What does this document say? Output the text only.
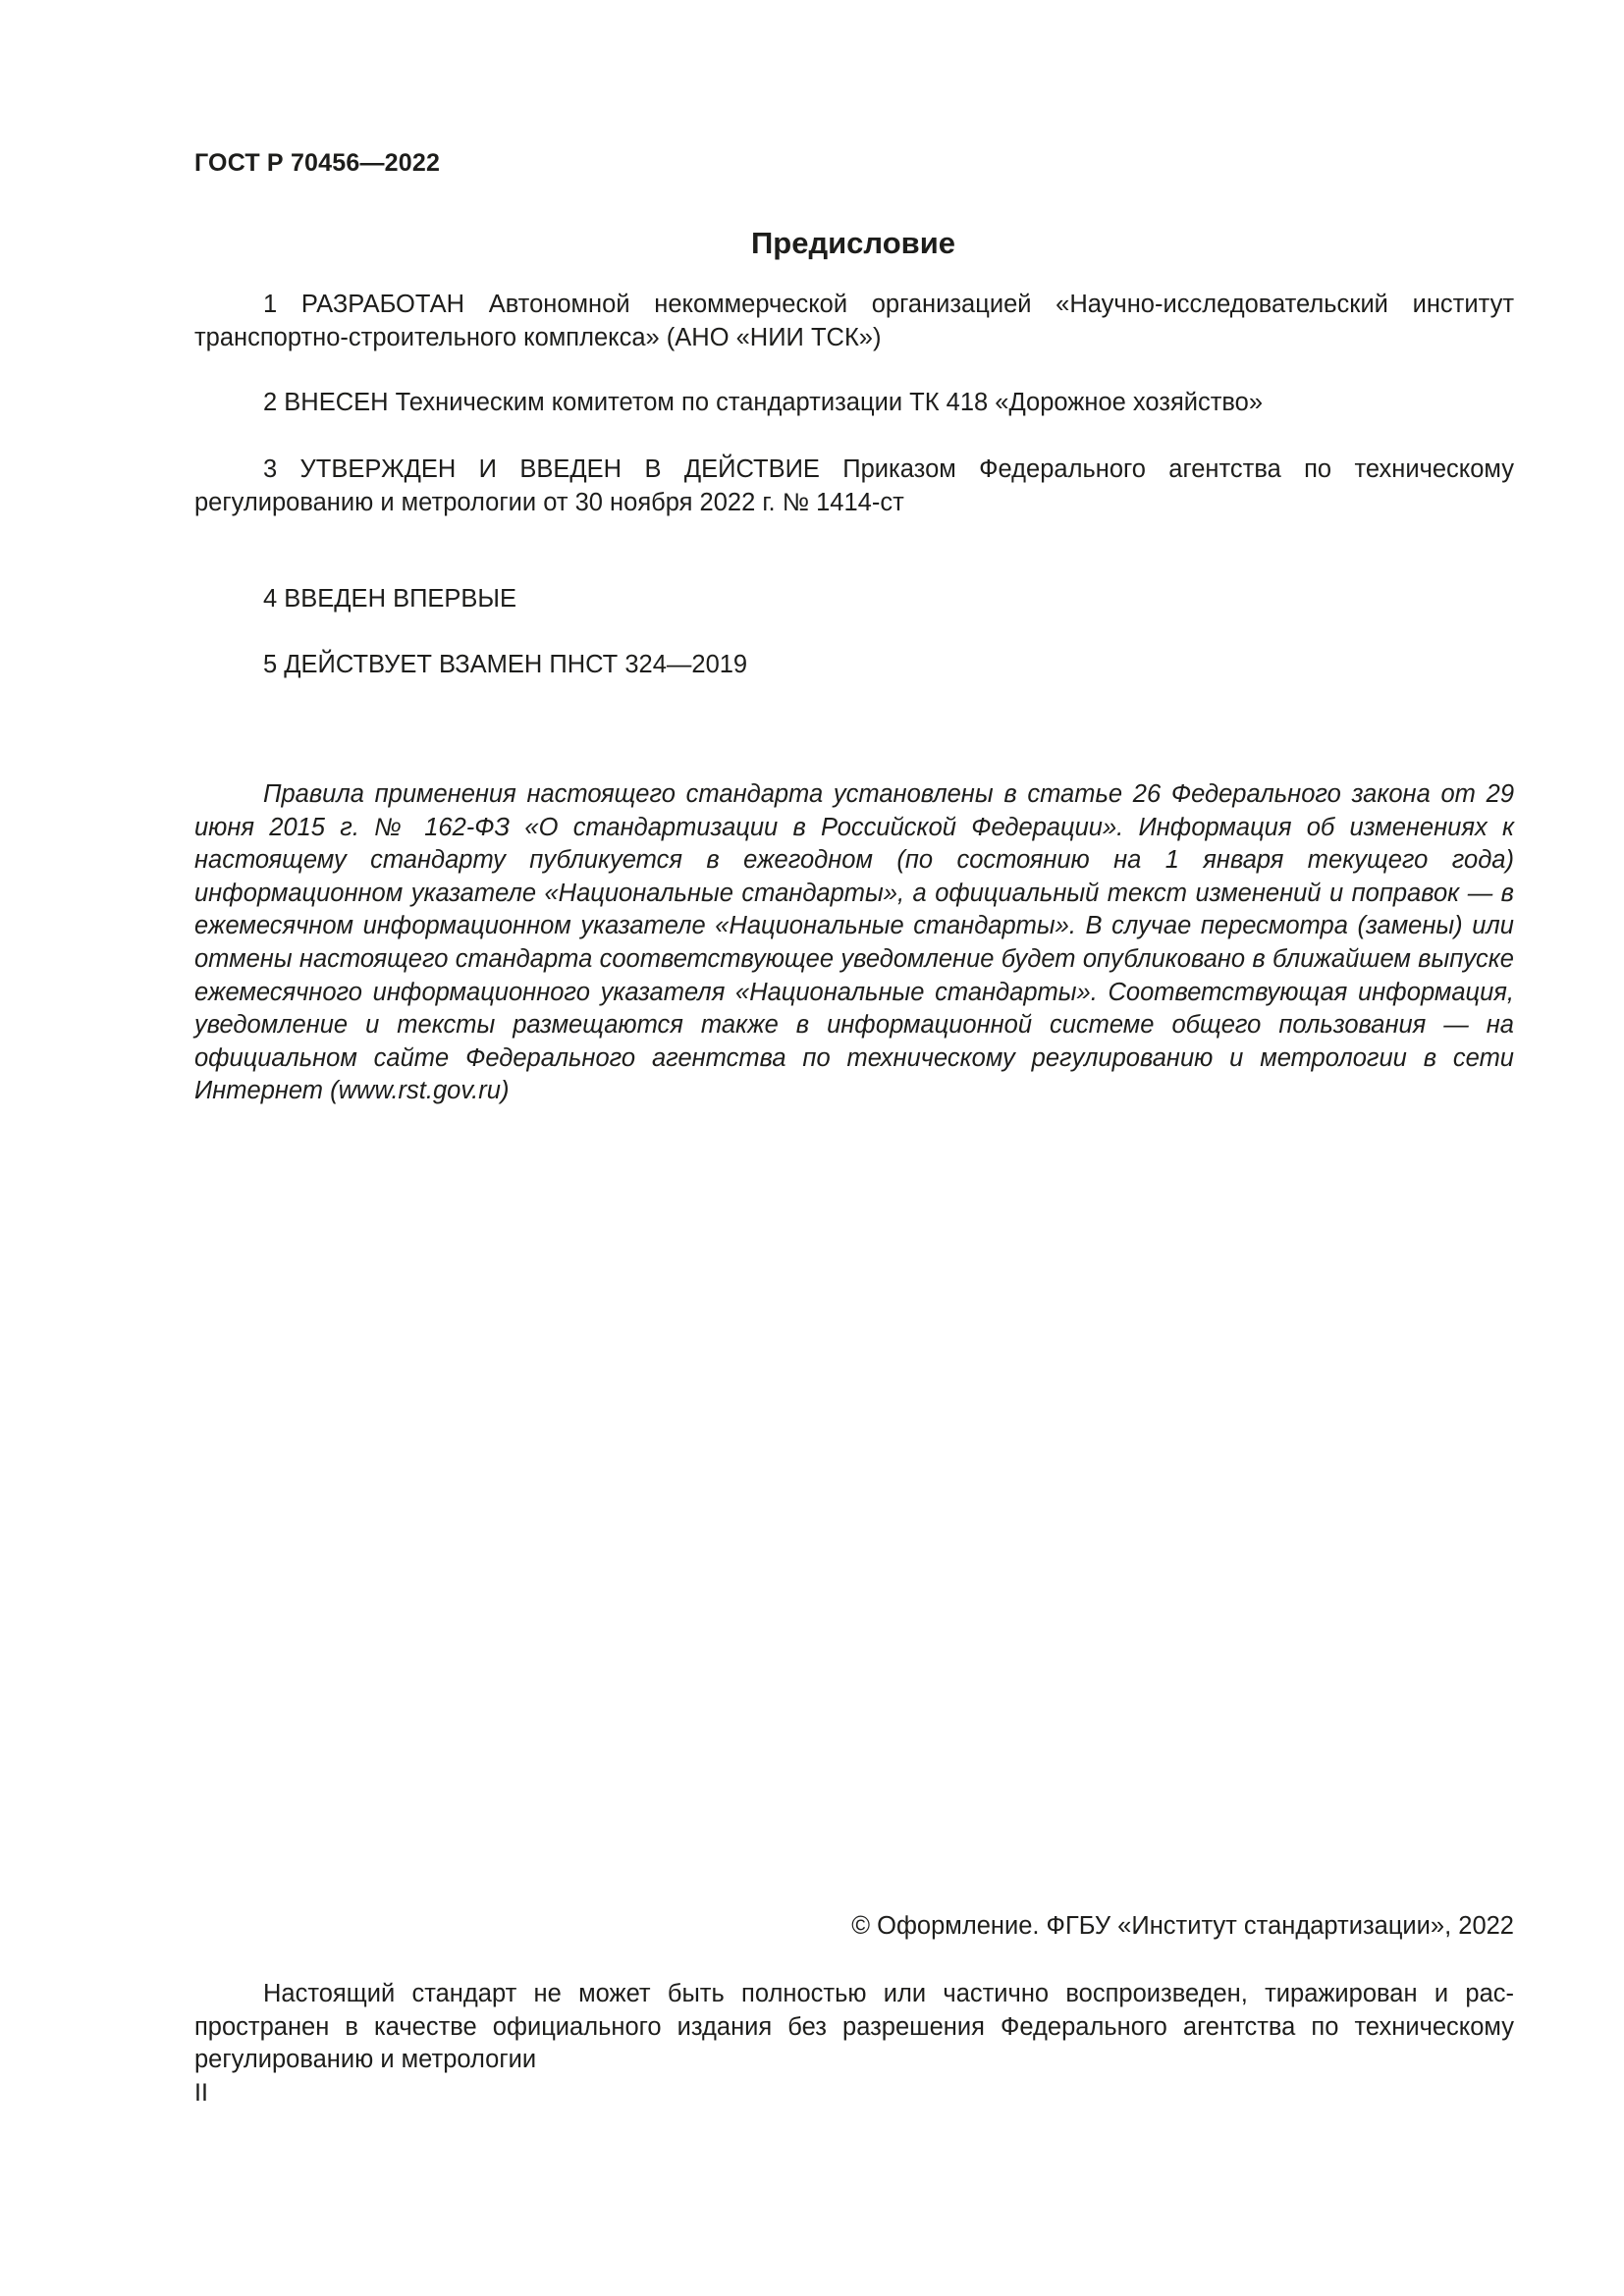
ГОСТ Р 70456—2022
Предисловие

1 РАЗРАБОТАН Автономной некоммерческой организацией «Научно-исследовательский институт транспортно-строительного комплекса» (АНО «НИИ ТСК»)

2 ВНЕСЕН Техническим комитетом по стандартизации ТК 418 «Дорожное хозяйство»

3 УТВЕРЖДЕН И ВВЕДЕН В ДЕЙСТВИЕ Приказом Федерального агентства по техническому регулированию и метрологии от 30 ноября 2022 г. № 1414-ст

4 ВВЕДЕН ВПЕРВЫЕ

5 ДЕЙСТВУЕТ ВЗАМЕН ПНСТ 324—2019

Правила применения настоящего стандарта установлены в статье 26 Федерального закона от 29 июня 2015 г. № 162-ФЗ «О стандартизации в Российской Федерации». Информация об изменениях к настоящему стандарту публикуется в ежегодном (по состоянию на 1 января текущего года) информационном указателе «Национальные стандарты», а официальный текст изменений и поправок — в ежемесячном информационном указателе «Национальные стандарты». В случае пересмотра (замены) или отмены настоящего стандарта соответствующее уведомление будет опубликовано в ближайшем выпуске ежемесячного информационного указателя «Национальные стандарты». Соответствующая информация, уведомление и тексты размещаются также в информационной системе общего пользования — на официальном сайте Федерального агентства по техническому регулированию и метрологии в сети Интернет (www.rst.gov.ru)

© Оформление. ФГБУ «Институт стандартизации», 2022

Настоящий стандарт не может быть полностью или частично воспроизведен, тиражирован и распространен в качестве официального издания без разрешения Федерального агентства по техническому регулированию и метрологии

II
